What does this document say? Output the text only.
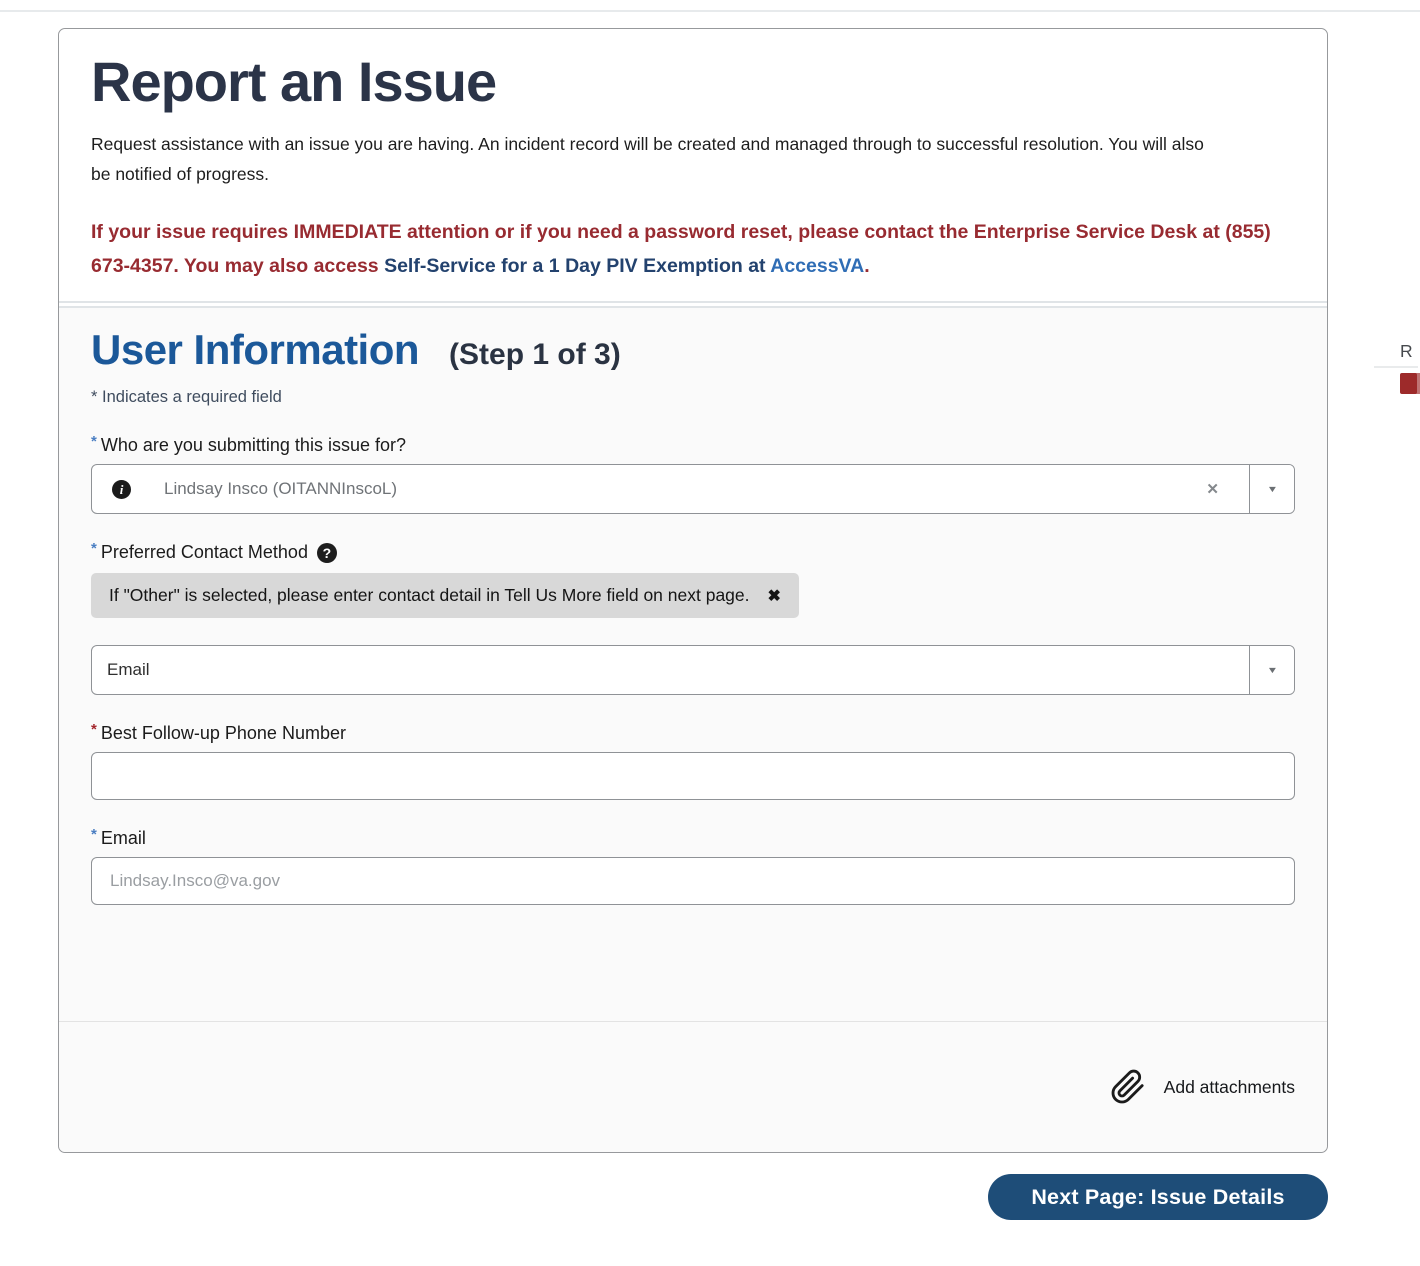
Report an Issue
Request assistance with an issue you are having. An incident record will be created and managed through to successful resolution. You will also be notified of progress.
If your issue requires IMMEDIATE attention or if you need a password reset, please contact the Enterprise Service Desk at (855) 673-4357. You may also access Self-Service for a 1 Day PIV Exemption at AccessVA.
User Information (Step 1 of 3)
* Indicates a required field
* Who are you submitting this issue for?
i	Lindsay Insco (OITANNInscoL)	✕	▼
* Preferred Contact Method	?
If "Other" is selected, please enter contact detail in Tell Us More field on next page. ✖
Email	▼
* Best Follow-up Phone Number
* Email
Lindsay.Insco@va.gov
Add attachments
Next Page: Issue Details
R
